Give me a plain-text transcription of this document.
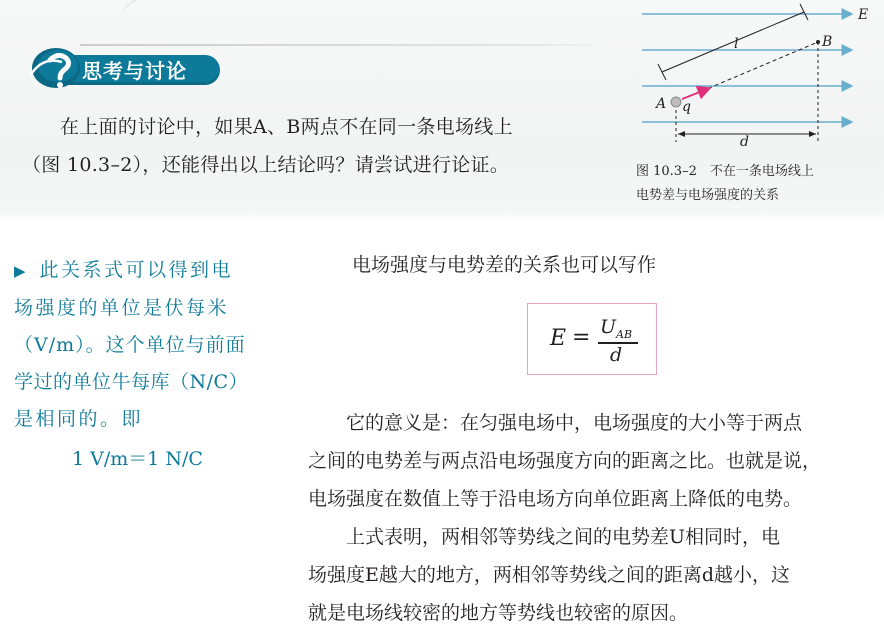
思考与讨论

在上面的讨论中，如果A、B两点不在同一条电场线上

（图 10.3–2），还能得出以上结论吗？请尝试进行论证。

E
l
d
A q
B
图 10.3–2　不在一条电场线上
电势差与电场强度的关系

▶ 此关系式可以得到电

场强度的单位是伏每米

（V/m）。这个单位与前面

学过的单位牛每库（N/C）

是相同的。即

1 V/m＝1 N/C
电场强度与电势差的关系也可以写作
$E = U_{AB}$
d

它的意义是：在匀强电场中，电场强度的大小等于两点

之间的电势差与两点沿电场强度方向的距离之比。也就是说，

电场强度在数值上等于沿电场方向单位距离上降低的电势。

上式表明，两相邻等势线之间的电势差U相同时，电

场强度E越大的地方，两相邻等势线之间的距离d越小，这

就是电场线较密的地方等势线也较密的原因。
